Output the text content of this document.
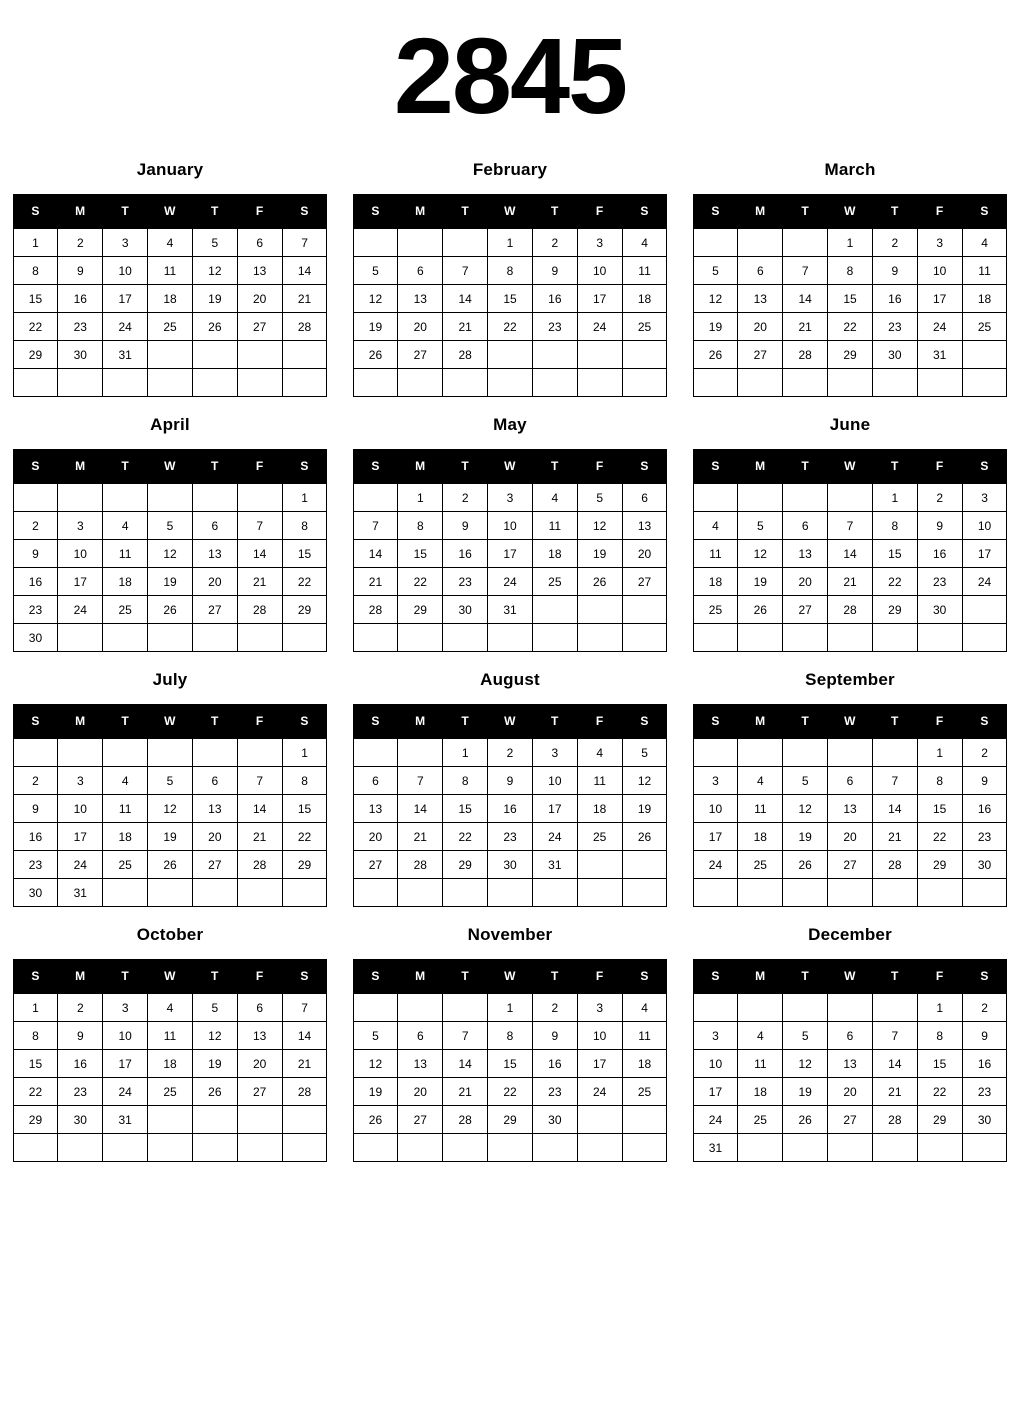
2845
January
S	M	T	W	T	F	S
1	2	3	4	5	6	7
8	9	10	11	12	13	14
15	16	17	18	19	20	21
22	23	24	25	26	27	28
29	30	31				

February
S	M	T	W	T	F	S
			1	2	3	4
5	6	7	8	9	10	11
12	13	14	15	16	17	18
19	20	21	22	23	24	25
26	27	28				

March
S	M	T	W	T	F	S
			1	2	3	4
5	6	7	8	9	10	11
12	13	14	15	16	17	18
19	20	21	22	23	24	25
26	27	28	29	30	31	

April
S	M	T	W	T	F	S
						1
2	3	4	5	6	7	8
9	10	11	12	13	14	15
16	17	18	19	20	21	22
23	24	25	26	27	28	29
30						
May
S	M	T	W	T	F	S
	1	2	3	4	5	6
7	8	9	10	11	12	13
14	15	16	17	18	19	20
21	22	23	24	25	26	27
28	29	30	31			

June
S	M	T	W	T	F	S
				1	2	3
4	5	6	7	8	9	10
11	12	13	14	15	16	17
18	19	20	21	22	23	24
25	26	27	28	29	30	

July
S	M	T	W	T	F	S
						1
2	3	4	5	6	7	8
9	10	11	12	13	14	15
16	17	18	19	20	21	22
23	24	25	26	27	28	29
30	31					
August
S	M	T	W	T	F	S
		1	2	3	4	5
6	7	8	9	10	11	12
13	14	15	16	17	18	19
20	21	22	23	24	25	26
27	28	29	30	31		

September
S	M	T	W	T	F	S
					1	2
3	4	5	6	7	8	9
10	11	12	13	14	15	16
17	18	19	20	21	22	23
24	25	26	27	28	29	30

October
S	M	T	W	T	F	S
1	2	3	4	5	6	7
8	9	10	11	12	13	14
15	16	17	18	19	20	21
22	23	24	25	26	27	28
29	30	31				

November
S	M	T	W	T	F	S
			1	2	3	4
5	6	7	8	9	10	11
12	13	14	15	16	17	18
19	20	21	22	23	24	25
26	27	28	29	30		

December
S	M	T	W	T	F	S
					1	2
3	4	5	6	7	8	9
10	11	12	13	14	15	16
17	18	19	20	21	22	23
24	25	26	27	28	29	30
31						
